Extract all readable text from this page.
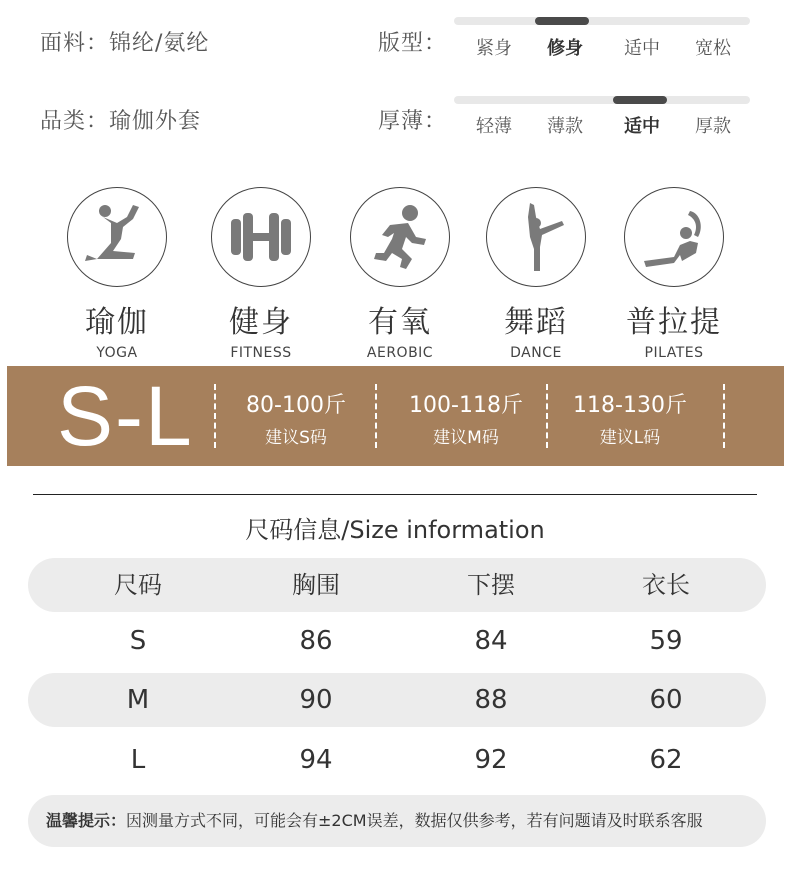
面料：锦纶/氨纶
品类：瑜伽外套
版型：	紧身	修身	适中	宽松
厚薄：	轻薄	薄款	适中	厚款
瑜伽
YOGA
健身
FITNESS
有氧
AEROBIC
舞蹈
DANCE
普拉提
PILATES
S-L	80-100斤
建议S码
100-118斤
建议M码
118-130斤
建议L码
尺码信息/Size information
尺码	胸围	下摆	衣长
S	86	84	59
M	90	88	60
L	94	92	62
温馨提示：因测量方式不同，可能会有±2CM误差，数据仅供参考，若有问题请及时联系客服
